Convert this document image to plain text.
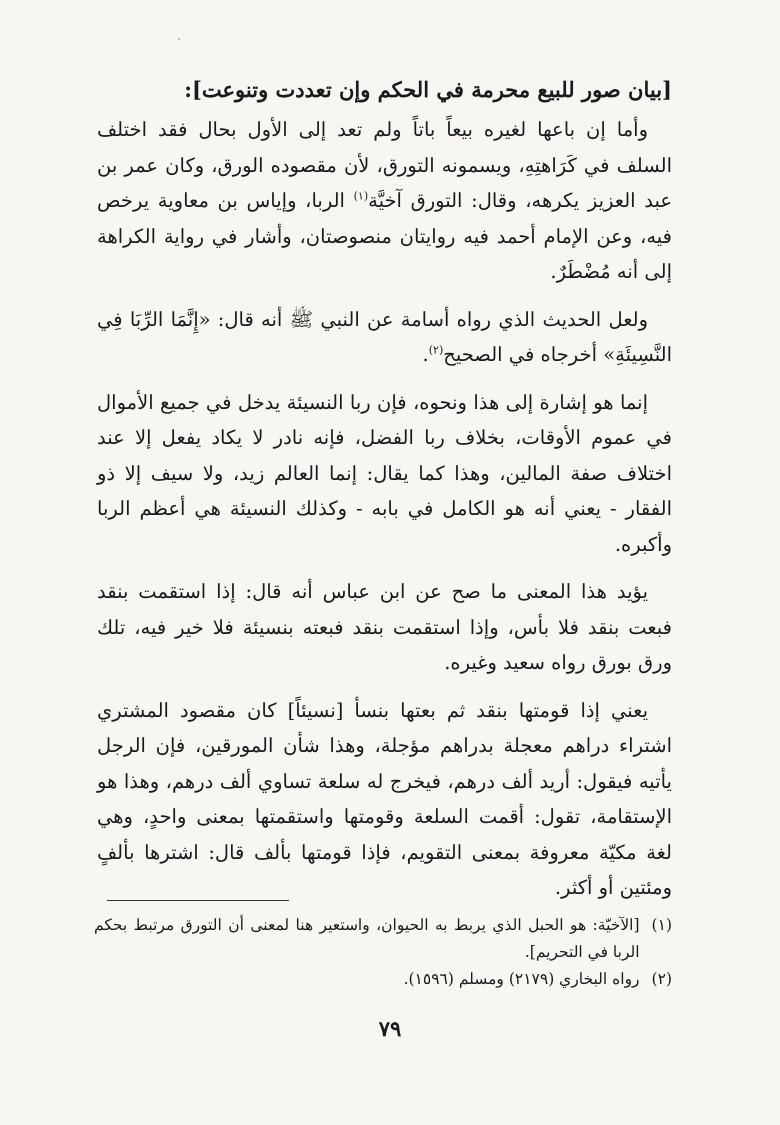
[بيان صور للبيع محرمة في الحكم وإن تعددت وتنوعت]:

وأما إن باعها لغيره بيعاً باتاً ولم تعد إلى الأول بحال فقد اختلف السلف في كَرَاهتِهِ، ويسمونه التورق، لأن مقصوده الورق، وكان عمر بن عبد العزيز يكرهه، وقال: التورق آخيَّة$^{(١)}$ الربا، وإياس بن معاوية يرخص فيه، وعن الإمام أحمد فيه روايتان منصوصتان، وأشار في رواية الكراهة إلى أنه مُضْطَرٌ.

ولعل الحديث الذي رواه أسامة عن النبي ﷺ أنه قال: «إِنَّمَا الرِّبَا فِي النَّسِيئَةِ» أخرجاه في الصحيح$^{(٢)}$.

إنما هو إشارة إلى هذا ونحوه، فإن ربا النسيئة يدخل في جميع الأموال في عموم الأوقات، بخلاف ربا الفضل، فإنه نادر لا يكاد يفعل إلا عند اختلاف صفة المالين، وهذا كما يقال: إنما العالم زيد، ولا سيف إلا ذو الفقار - يعني أنه هو الكامل في بابه - وكذلك النسيئة هي أعظم الربا وأكبره.

يؤيد هذا المعنى ما صح عن ابن عباس أنه قال: إذا استقمت بنقد فبعت بنقد فلا بأس، وإذا استقمت بنقد فبعته بنسيئة فلا خير فيه، تلك ورق بورق رواه سعيد وغيره.

يعني إذا قومتها بنقد ثم بعتها بنسأ [نسيئاً] كان مقصود المشتري اشتراء دراهم معجلة بدراهم مؤجلة، وهذا شأن المورقين، فإن الرجل يأتيه فيقول: أريد ألف درهم، فيخرج له سلعة تساوي ألف درهم، وهذا هو الإستقامة، تقول: أقمت السلعة وقومتها واستقمتها بمعنى واحدٍ، وهي لغة مكيّة معروفة بمعنى التقويم، فإذا قومتها بألف قال: اشترها بألفٍ ومئتين أو أكثر.

(١)
[الآخيّة: هو الحبل الذي يربط به الحيوان، واستعير هنا لمعنى أن التورق مرتبط بحكم الربا في التحريم].
(٢)
رواه البخاري (٢١٧٩) ومسلم (١٥٩٦).
٧٩
